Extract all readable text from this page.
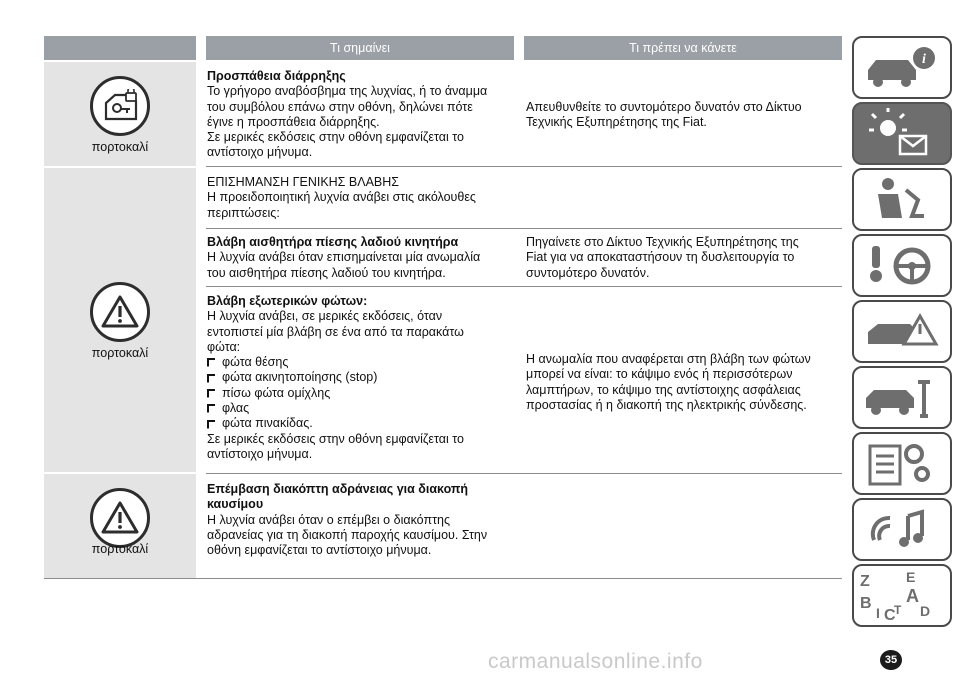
Τι σημαίνει	Τι πρέπει να κάνετε
πορτοκαλί
πορτοκαλί
πορτοκαλί
Προσπάθεια διάρρηξης
Το γρήγορο αναβόσβημα της λυχνίας, ή το άναμμα
του συμβόλου επάνω στην οθόνη, δηλώνει πότε
έγινε η προσπάθεια διάρρηξης.
Σε μερικές εκδόσεις στην οθόνη εμφανίζεται το
αντίστοιχο μήνυμα.
Απευθυνθείτε το συντομότερο δυνατόν στο Δίκτυο
Τεχνικής Εξυπηρέτησης της Fiat.
ΕΠΙΣΗΜΑΝΣΗ ΓΕΝΙΚΗΣ ΒΛΑΒΗΣ
Η προειδοποιητική λυχνία ανάβει στις ακόλουθες
περιπτώσεις:
Βλάβη αισθητήρα πίεσης λαδιού κινητήρα
Η λυχνία ανάβει όταν επισημαίνεται μία ανωμαλία
του αισθητήρα πίεσης λαδιού του κινητήρα.
Πηγαίνετε στο Δίκτυο Τεχνικής Εξυπηρέτησης της
Fiat για να αποκαταστήσουν τη δυσλειτουργία το
συντομότερο δυνατόν.
Βλάβη εξωτερικών φώτων:
Η λυχνία ανάβει, σε μερικές εκδόσεις, όταν
εντοπιστεί μία βλάβη σε ένα από τα παρακάτω
φώτα:
φώτα θέσης
φώτα ακινητοποίησης (stop)
πίσω φώτα ομίχλης
φλας
φώτα πινακίδας.
Σε μερικές εκδόσεις στην οθόνη εμφανίζεται το
αντίστοιχο μήνυμα.
Η ανωμαλία που αναφέρεται στη βλάβη των φώτων
μπορεί να είναι: το κάψιμο ενός ή περισσότερων
λαμπτήρων, το κάψιμο της αντίστοιχης ασφάλειας
προστασίας ή η διακοπή της ηλεκτρικής σύνδεσης.
Επέμβαση διακόπτη αδράνειας για διακοπή
καυσίμου
Η λυχνία ανάβει όταν ο επέμβει ο διακόπτης
αδρανείας για τη διακοπή παροχής καυσίμου. Στην
οθόνη εμφανίζεται το αντίστοιχο μήνυμα.
i
Z	E
B A
I C
T D
35
carmanualsonline.info
